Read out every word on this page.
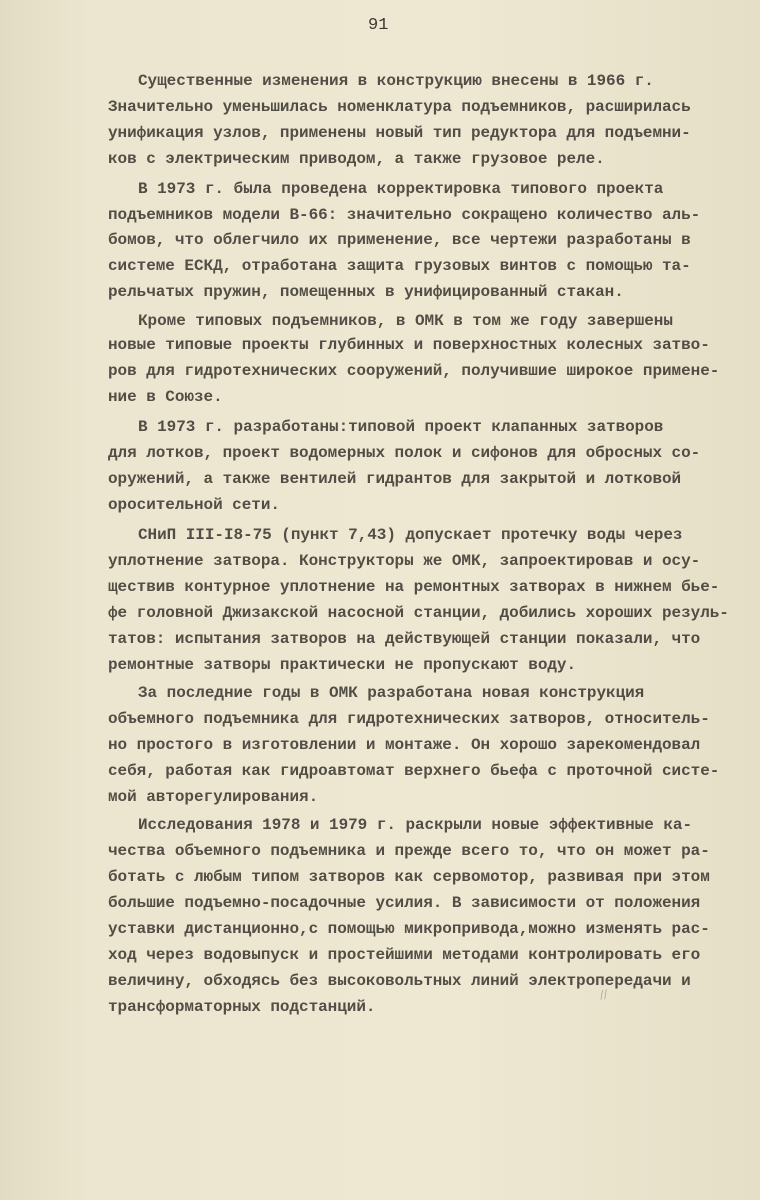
91
Существенные изменения в конструкцию внесены в 1966 г.
Значительно уменьшилась номенклатура подъемников, расширилась
унификация узлов, применены новый тип редуктора для подъемни-
ков с электрическим приводом, а также грузовое реле.
В 1973 г. была проведена корректировка типового проекта
подъемников модели В-66: значительно сокращено количество аль-
бомов, что облегчило их применение, все чертежи разработаны в
системе ЕСКД, отработана защита грузовых винтов с помощью та-
рельчатых пружин, помещенных в унифицированный стакан.
Кроме типовых подъемников, в ОМК в том же году завершены
новые типовые проекты глубинных и поверхностных колесных затво-
ров для гидротехнических сооружений, получившие широкое примене-
ние в Союзе.
В 1973 г. разработаны:типовой проект клапанных затворов
для лотков, проект водомерных полок и сифонов для обросных со-
оружений, а также вентилей гидрантов для закрытой и лотковой
оросительной сети.
СНиП III-I8-75 (пункт 7,43) допускает протечку воды через
уплотнение затвора. Конструкторы же ОМК, запроектировав и осу-
ществив контурное уплотнение на ремонтных затворах в нижнем бье-
фе головной Джизакской насосной станции, добились хороших резуль-
татов: испытания затворов на действующей станции показали, что
ремонтные затворы практически не пропускают воду.
За последние годы в ОМК разработана новая конструкция
объемного подъемника для гидротехнических затворов, относитель-
но простого в изготовлении и монтаже. Он хорошо зарекомендовал
себя, работая как гидроавтомат верхнего бьефа с проточной систе-
мой авторегулирования.
Исследования 1978 и 1979 г. раскрыли новые эффективные ка-
чества объемного подъемника и прежде всего то, что он может ра-
ботать с любым типом затворов как сервомотор, развивая при этом
большие подъемно-посадочные усилия. В зависимости от положения
уставки дистанционно,с помощью микропривода,можно изменять рас-
ход через водовыпуск и простейшими методами контролировать его
величину, обходясь без высоковольтных линий электропередачи и
трансформаторных подстанций.
//
